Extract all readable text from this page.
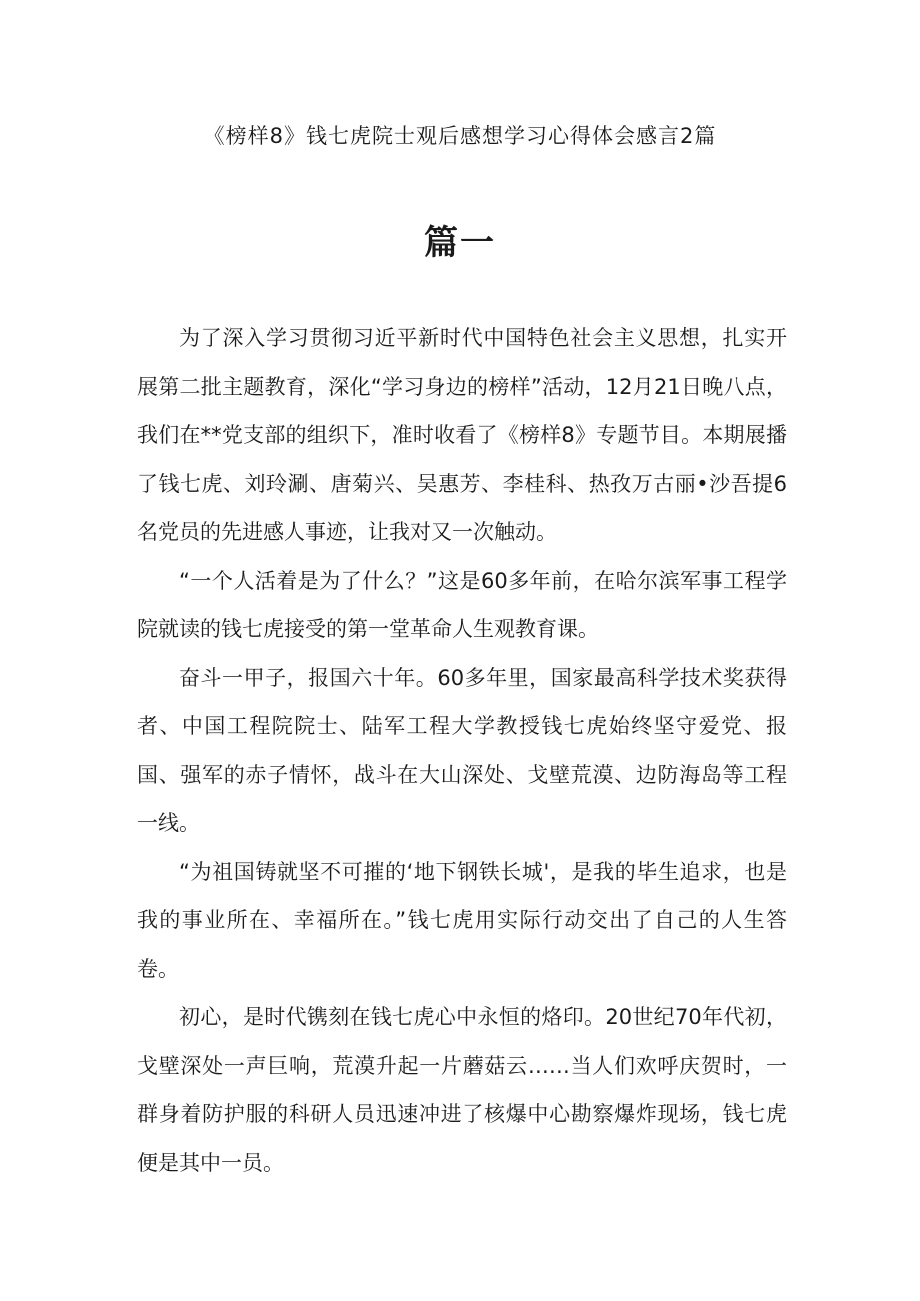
《榜样8》钱七虎院士观后感想学习心得体会感言2篇
篇一

为了深入学习贯彻习近平新时代中国特色社会主义思想，扎实开展第二批主题教育，深化“学习身边的榜样”活动，12月21日晚八点，我们在**党支部的组织下，准时收看了《榜样8》专题节目。本期展播了钱七虎、刘玲涮、唐菊兴、吴惠芳、李桂科、热孜万古丽•沙吾提6名党员的先进感人事迹，让我对又一次触动。

“一个人活着是为了什么？”这是60多年前，在哈尔滨军事工程学院就读的钱七虎接受的第一堂革命人生观教育课。

奋斗一甲子，报国六十年。60多年里，国家最高科学技术奖获得者、中国工程院院士、陆军工程大学教授钱七虎始终坚守爱党、报国、强军的赤子情怀，战斗在大山深处、戈壁荒漠、边防海岛等工程一线。

“为祖国铸就坚不可摧的‘地下钢铁长城'，是我的毕生追求，也是我的事业所在、幸福所在。”钱七虎用实际行动交出了自己的人生答卷。

初心，是时代镌刻在钱七虎心中永恒的烙印。20世纪70年代初，戈壁深处一声巨响，荒漠升起一片蘑菇云……当人们欢呼庆贺时，一群身着防护服的科研人员迅速冲进了核爆中心勘察爆炸现场，钱七虎便是其中一员。
